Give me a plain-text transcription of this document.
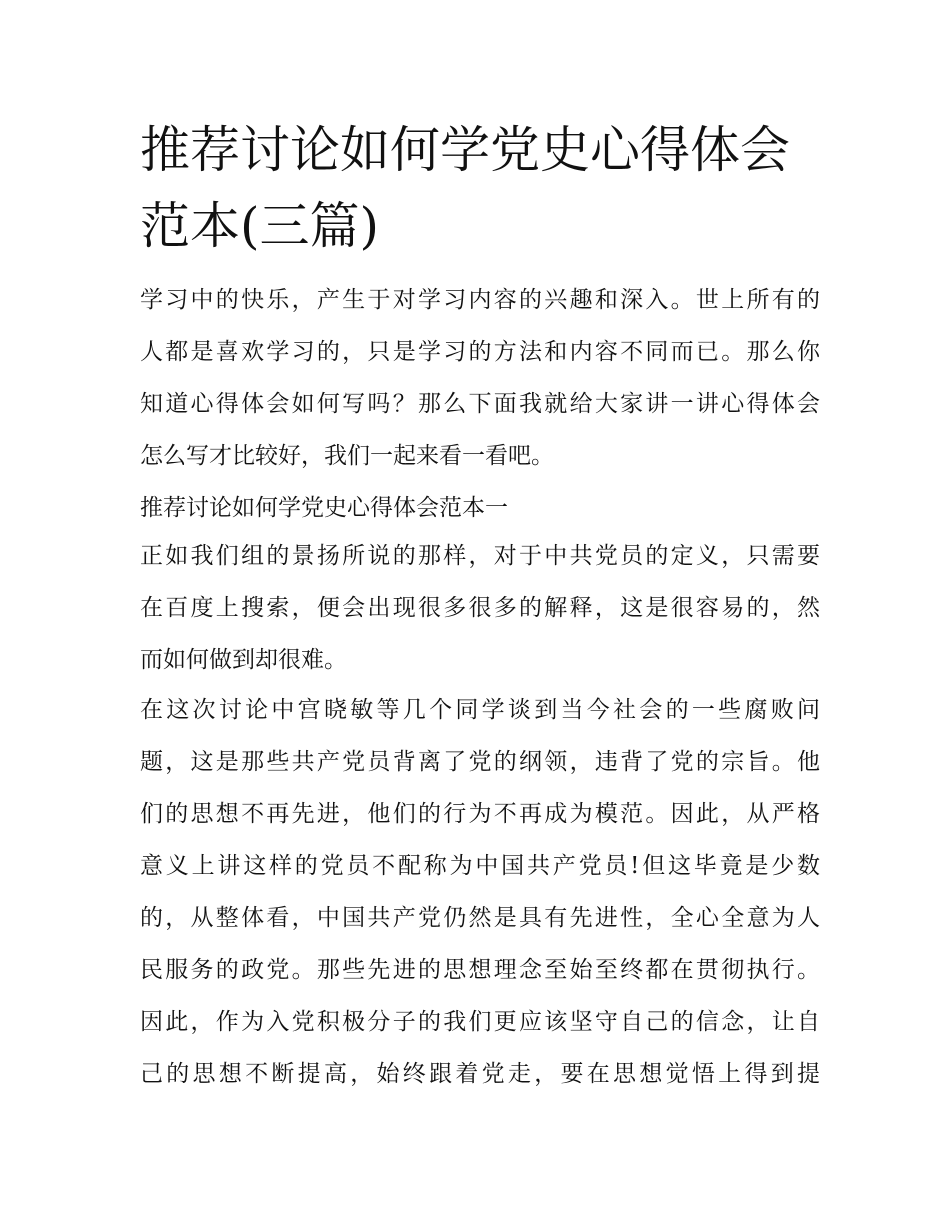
推荐讨论如何学党史心得体会
范本(三篇)
学习中的快乐，产生于对学习内容的兴趣和深入。世上所有的
人都是喜欢学习的，只是学习的方法和内容不同而已。那么你
知道心得体会如何写吗？那么下面我就给大家讲一讲心得体会
怎么写才比较好，我们一起来看一看吧。
推荐讨论如何学党史心得体会范本一
正如我们组的景扬所说的那样，对于中共党员的定义，只需要
在百度上搜索，便会出现很多很多的解释，这是很容易的，然
而如何做到却很难。
在这次讨论中宫晓敏等几个同学谈到当今社会的一些腐败问
题，这是那些共产党员背离了党的纲领，违背了党的宗旨。他
们的思想不再先进，他们的行为不再成为模范。因此，从严格
意义上讲这样的党员不配称为中国共产党员!但这毕竟是少数
的，从整体看，中国共产党仍然是具有先进性，全心全意为人
民服务的政党。那些先进的思想理念至始至终都在贯彻执行。
因此，作为入党积极分子的我们更应该坚守自己的信念，让自
己的思想不断提高，始终跟着党走，要在思想觉悟上得到提
